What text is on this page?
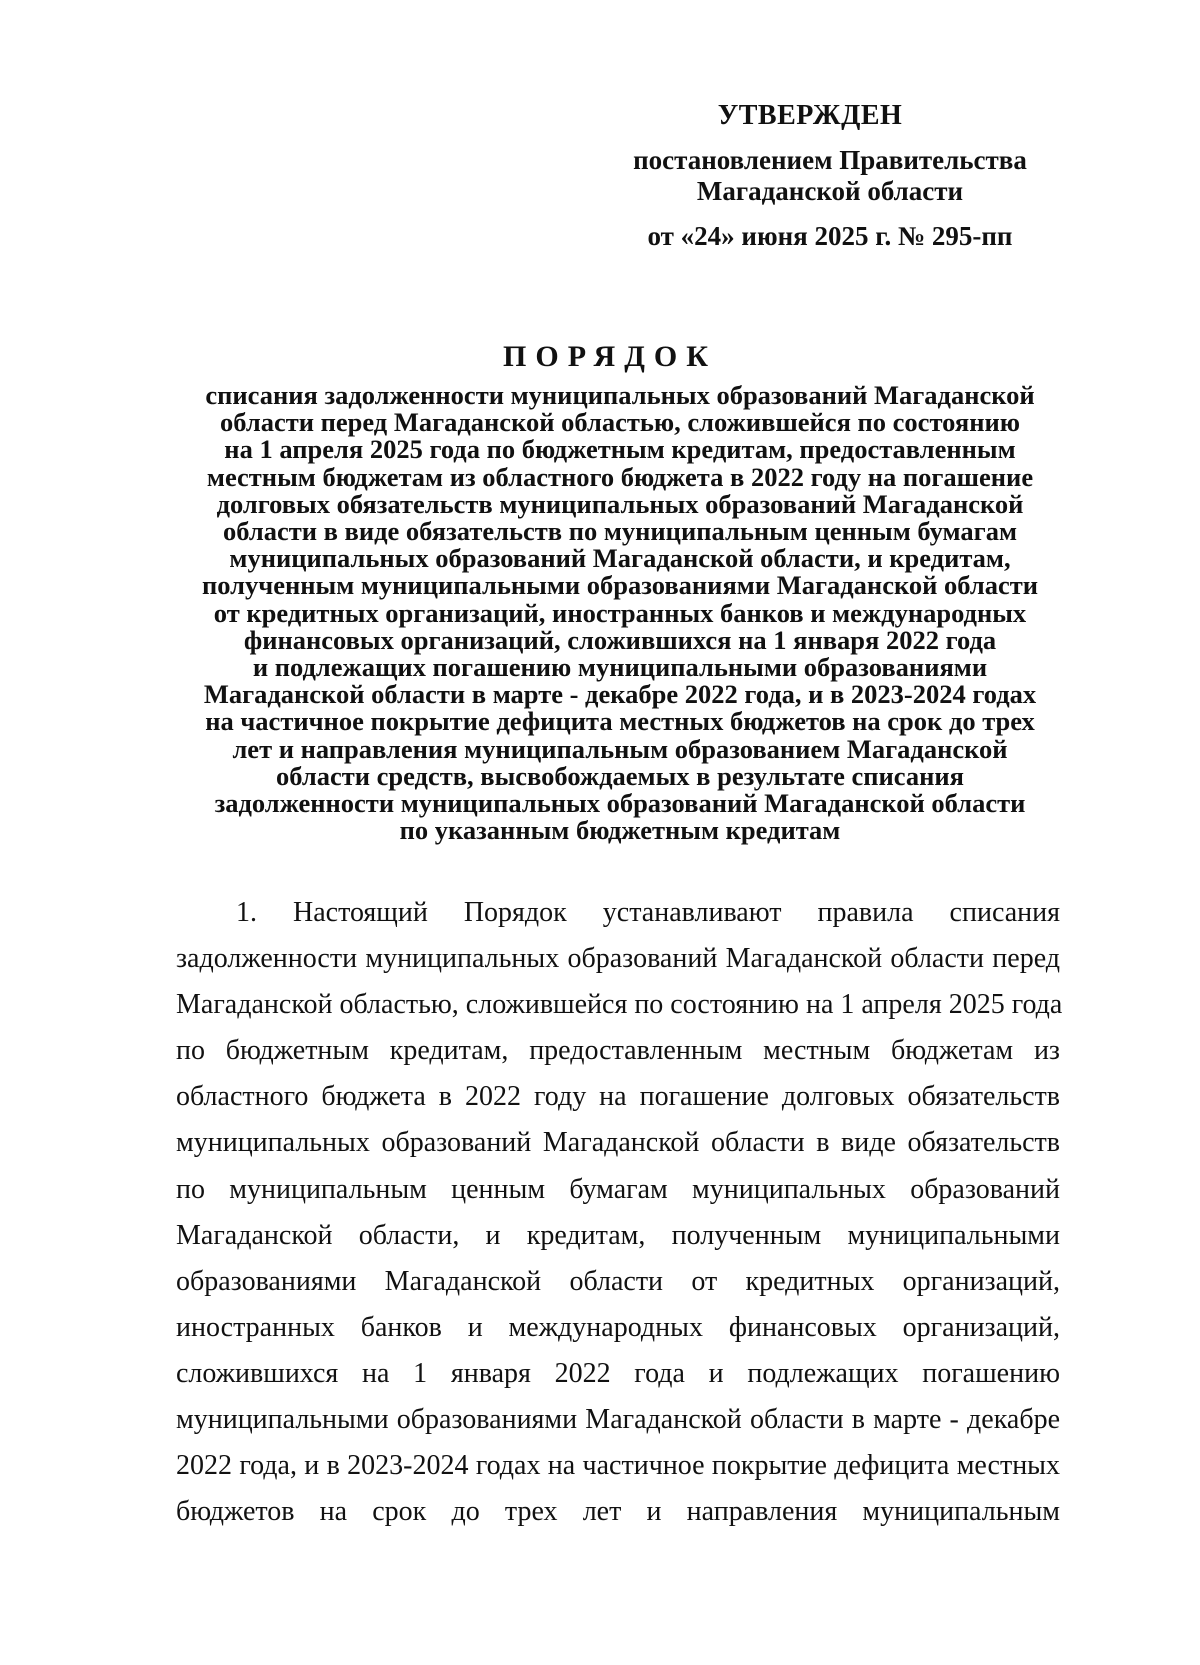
УТВЕРЖДЕН
постановлением Правительства
Магаданской области
от «24» июня 2025 г. № 295-пп
ПОРЯДОК
списания задолженности муниципальных образований Магаданской
области перед Магаданской областью, сложившейся по состоянию
на 1 апреля 2025 года по бюджетным кредитам, предоставленным
местным бюджетам из областного бюджета в 2022 году на погашение
долговых обязательств муниципальных образований Магаданской
области в виде обязательств по муниципальным ценным бумагам
муниципальных образований Магаданской области, и кредитам,
полученным муниципальными образованиями Магаданской области
от кредитных организаций, иностранных банков и международных
финансовых организаций, сложившихся на 1 января 2022 года
и подлежащих погашению муниципальными образованиями
Магаданской области в марте - декабре 2022 года, и в 2023-2024 годах
на частичное покрытие дефицита местных бюджетов на срок до трех
лет и направления муниципальным образованием Магаданской
области средств, высвобождаемых в результате списания
задолженности муниципальных образований Магаданской области
по указанным бюджетным кредитам
1. Настоящий Порядок устанавливают правила списания
задолженности муниципальных образований Магаданской области перед
Магаданской областью, сложившейся по состоянию на 1 апреля 2025 года
по бюджетным кредитам, предоставленным местным бюджетам из
областного бюджета в 2022 году на погашение долговых обязательств
муниципальных образований Магаданской области в виде обязательств
по муниципальным ценным бумагам муниципальных образований
Магаданской области, и кредитам, полученным муниципальными
образованиями Магаданской области от кредитных организаций,
иностранных банков и международных финансовых организаций,
сложившихся на 1 января 2022 года и подлежащих погашению
муниципальными образованиями Магаданской области в марте - декабре
2022 года, и в 2023-2024 годах на частичное покрытие дефицита местных
бюджетов на срок до трех лет и направления муниципальным
